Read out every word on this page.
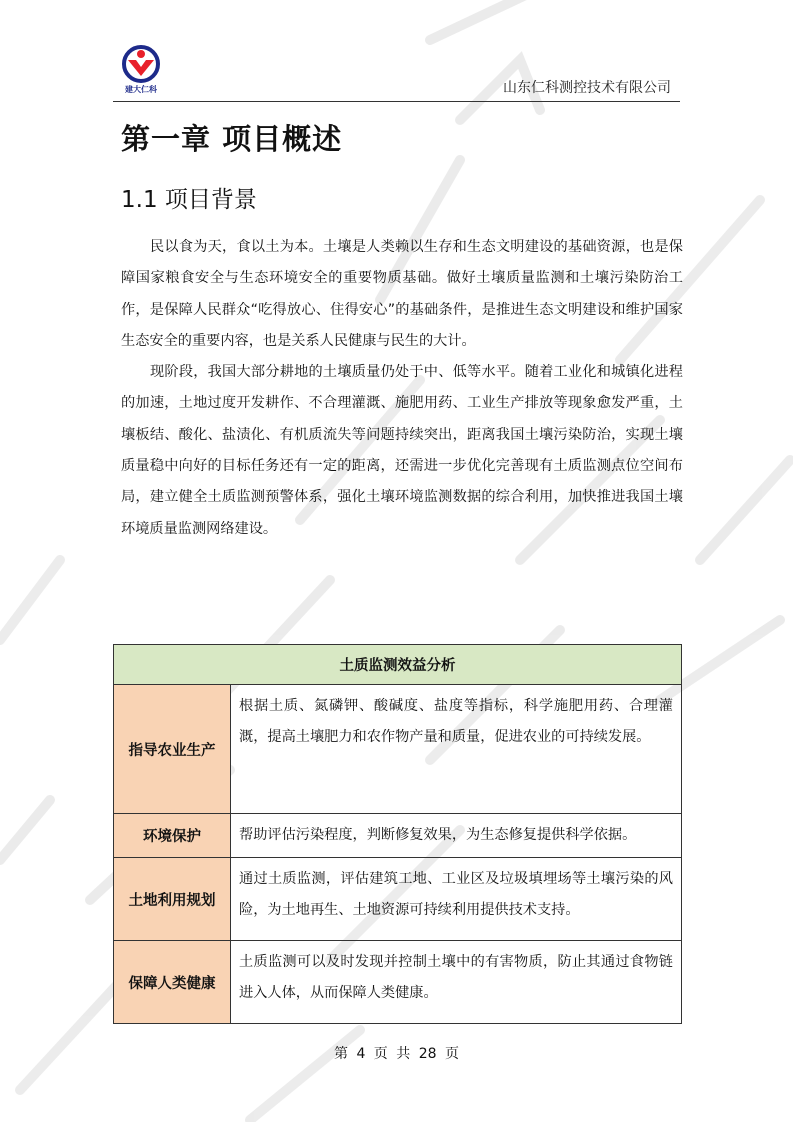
建大仁科	山东仁科测控技术有限公司
第一章 项目概述
1.1 项目背景

民以食为天，食以土为本。土壤是人类赖以生存和生态文明建设的基础资源，也是保障国家粮食安全与生态环境安全的重要物质基础。做好土壤质量监测和土壤污染防治工作，是保障人民群众“吃得放心、住得安心”的基础条件，是推进生态文明建设和维护国家生态安全的重要内容，也是关系人民健康与民生的大计。

现阶段，我国大部分耕地的土壤质量仍处于中、低等水平。随着工业化和城镇化进程的加速，土地过度开发耕作、不合理灌溉、施肥用药、工业生产排放等现象愈发严重，土壤板结、酸化、盐渍化、有机质流失等问题持续突出，距离我国土壤污染防治，实现土壤质量稳中向好的目标任务还有一定的距离，还需进一步优化完善现有土质监测点位空间布局，建立健全土质监测预警体系，强化土壤环境监测数据的综合利用，加快推进我国土壤环境质量监测网络建设。

土质监测效益分析	
指导农业生产	根据土质、氮磷钾、酸碱度、盐度等指标，科学施肥用药、合理灌溉，提高土壤肥力和农作物产量和质量，促进农业的可持续发展。
环境保护	帮助评估污染程度，判断修复效果，为生态修复提供科学依据。
土地利用规划	通过土质监测，评估建筑工地、工业区及垃圾填埋场等土壤污染的风险，为土地再生、土地资源可持续利用提供技术支持。
保障人类健康	土质监测可以及时发现并控制土壤中的有害物质，防止其通过食物链进入人体，从而保障人类健康。
第 4 页 共 28 页
